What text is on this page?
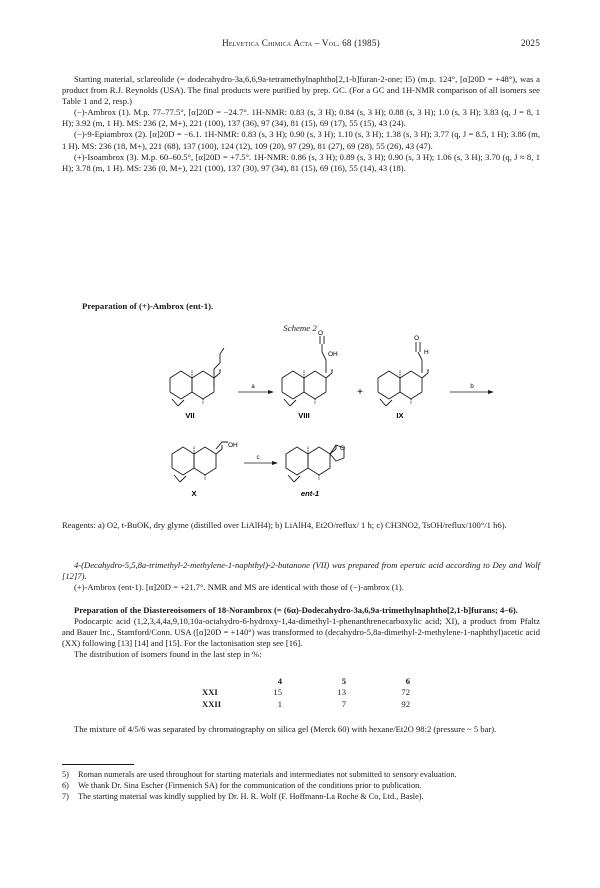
Helvetica Chimica Acta – Vol. 68 (1985)	2025

Starting material, sclareolide (= dodecahydro-3a,6,6,9a-tetramethylnaphtho[2,1-b]furan-2-one; I5) (m.p. 124°, [α]20D = +48°), was a product from R.J. Reynolds (USA). The final products were purified by prep. GC. (For a GC and 1H-NMR comparison of all isomers see Table 1 and 2, resp.)

(−)-Ambrox (1). M.p. 77–77.5°, [α]20D = −24.7°. 1H-NMR: 0.83 (s, 3 H); 0.84 (s, 3 H); 0.88 (s, 3 H); 1.0 (s, 3 H); 3.83 (q, J = 8, 1 H); 3.92 (m, 1 H). MS: 236 (2, M+), 221 (100), 137 (36), 97 (34), 81 (15), 69 (17), 55 (15), 43 (24).

(−)-9-Epiambrox (2). [α]20D = −6.1. 1H-NMR: 0.83 (s, 3 H); 0.90 (s, 3 H); 1.10 (s, 3 H); 1.38 (s, 3 H); 3.77 (q, J = 8.5, 1 H); 3.86 (m, 1 H). MS: 236 (18, M+), 221 (68), 137 (100), 124 (12), 109 (20), 97 (29), 81 (27), 69 (28), 55 (26), 43 (47).

(+)-Isoambrox (3). M.p. 60–60.5°, [α]20D = +7.5°. 1H-NMR: 0.86 (s, 3 H); 0.89 (s, 3 H); 0.90 (s, 3 H); 1.06 (s, 3 H); 3.70 (q, J ≈ 8, 1 H); 3.78 (m, 1 H). MS: 236 (0, M+), 221 (100), 137 (30), 97 (34), 81 (15), 69 (16), 55 (14), 43 (18).

Preparation of (+)-Ambrox (ent-1).
Scheme 2
VII
a
OH
O
VIII
+
H
O
IX
b
OH
X
c
O
ent-1

Reagents: a) O2, t-BuOK, dry glyme (distilled over LiAlH4); b) LiAlH4, Et2O/reflux/ 1 h; c) CH3NO2, TsOH/reflux/100°/1 h6).

4-(Decahydro-5,5,8a-trimethyl-2-methylene-1-naphthyl)-2-butanone (VII) was prepared from eperuic acid according to Dey and Wolf [12]7).

(+)-Ambrox (ent-1). [α]20D = +21.7°. NMR and MS are identical with those of (−)-ambrox (1).

Preparation of the Diastereoisomers of 18-Norambrox (= (6α)-Dodecahydro-3a,6,9a-trimethylnaphtho[2,1-b]furans; 4–6).

Podocarpic acid (1,2,3,4,4a,9,10,10a-octahydro-6-hydroxy-1,4a-dimethyl-1-phenanthrenecarboxylic acid; XI), a product from Pfaltz and Bauer Inc., Stamford/Conn. USA ([α]20D = +140°) was transformed to (decahydro-5,8a-dimethyl-2-methylene-1-naphthyl)acetic acid (XX) following [13] [14] and [15]. For the lactonisation step see [16].

The distribution of isomers found in the last step in %:

	4	5	6
XXI	15	13	72
XXII	1	7	92

The mixture of 4/5/6 was separated by chromatography on silica gel (Merck 60) with hexane/Et2O 98:2 (pressure ~ 5 bar).

5)	Roman numerals are used throughout for starting materials and intermediates not submitted to sensory evaluation.
6)	We thank Dr. Sina Escher (Firmenich SA) for the communication of the conditions prior to publication.
7)	The starting material was kindly supplied by Dr. H. R. Wolf (F. Hoffmann-La Roche & Co, Ltd., Basle).
